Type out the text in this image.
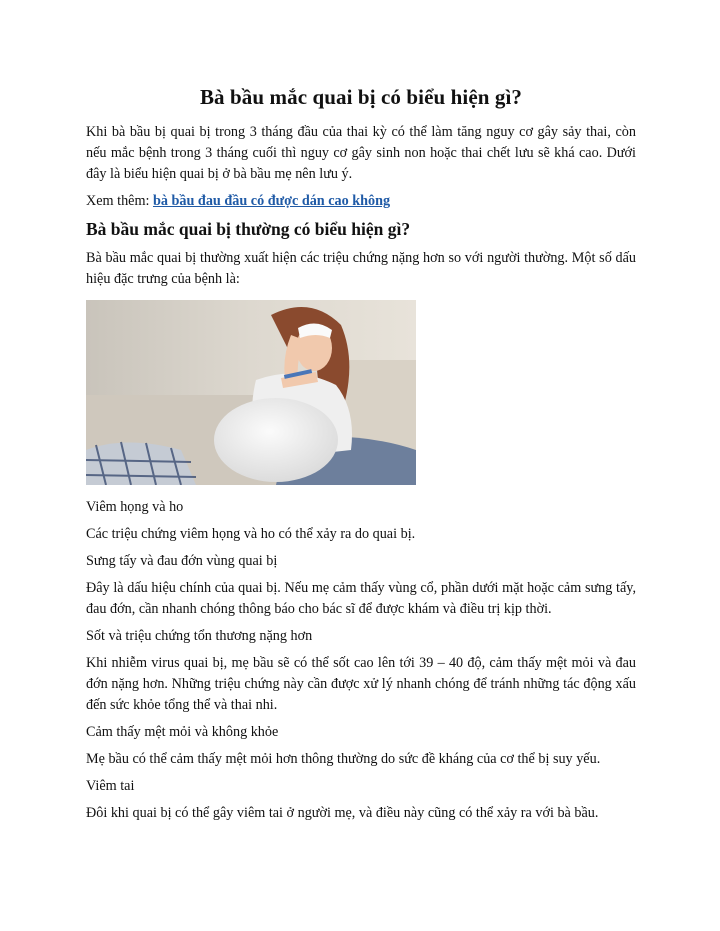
Bà bầu mắc quai bị có biểu hiện gì?

Khi bà bầu bị quai bị trong 3 tháng đầu của thai kỳ có thể làm tăng nguy cơ gây sảy thai, còn nếu mắc bệnh trong 3 tháng cuối thì nguy cơ gây sinh non hoặc thai chết lưu sẽ khá cao. Dưới đây là biểu hiện quai bị ở bà bầu mẹ nên lưu ý.

Xem thêm: bà bầu đau đầu có được dán cao không

Bà bầu mắc quai bị thường có biểu hiện gì?

Bà bầu mắc quai bị thường xuất hiện các triệu chứng nặng hơn so với người thường. Một số dấu hiệu đặc trưng của bệnh là:

Viêm họng và ho

Các triệu chứng viêm họng và ho có thể xảy ra do quai bị.

Sưng tấy và đau đớn vùng quai bị

Đây là dấu hiệu chính của quai bị. Nếu mẹ cảm thấy vùng cổ, phần dưới mặt hoặc cảm sưng tấy, đau đớn, cần nhanh chóng thông báo cho bác sĩ để được khám và điều trị kịp thời.

Sốt và triệu chứng tổn thương nặng hơn

Khi nhiễm virus quai bị, mẹ bầu sẽ có thể sốt cao lên tới 39 – 40 độ, cảm thấy mệt mỏi và đau đớn nặng hơn. Những triệu chứng này cần được xử lý nhanh chóng để tránh những tác động xấu đến sức khỏe tổng thể và thai nhi.

Cảm thấy mệt mỏi và không khỏe

Mẹ bầu có thể cảm thấy mệt mỏi hơn thông thường do sức đề kháng của cơ thể bị suy yếu.

Viêm tai

Đôi khi quai bị có thể gây viêm tai ở người mẹ, và điều này cũng có thể xảy ra với bà bầu.
